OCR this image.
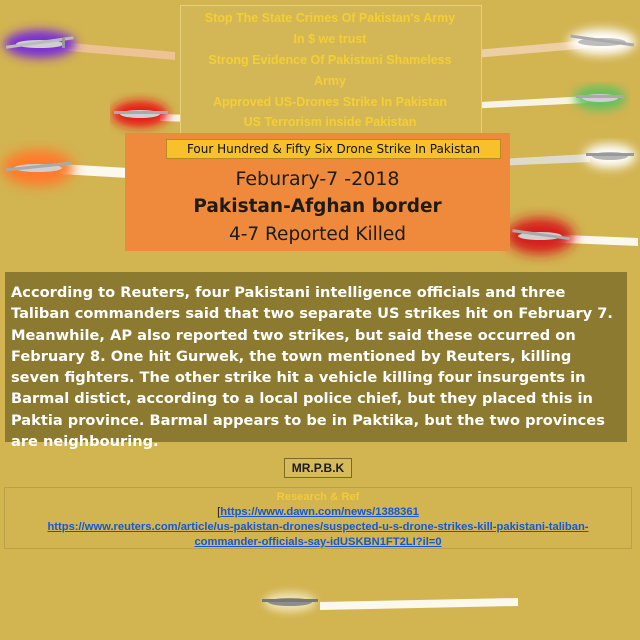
Stop The State Crimes Of Pakistan's Army
In $ we trust
Strong Evidence Of Pakistani Shameless
Army
Approved US-Drones Strike In Pakistan
US Terrorism inside Pakistan
Four Hundred & Fifty Six Drone Strike In Pakistan
Feburary-7 -2018
Pakistan-Afghan border
4-7 Reported Killed
According to Reuters, four Pakistani intelligence officials and three Taliban commanders said that two separate US strikes hit on February 7. Meanwhile, AP also reported two strikes, but said these occurred on February 8. One hit Gurwek, the town mentioned by Reuters, killing seven fighters. The other strike hit a vehicle killing four insurgents in Barmal distict, according to a local police chief, but they placed this in Paktia province. Barmal appears to be in Paktika, but the two provinces are neighbouring.
MR.P.B.K
Research & Ref
[https://www.dawn.com/news/1388361
https://www.reuters.com/article/us-pakistan-drones/suspected-u-s-drone-strikes-kill-pakistani-taliban-
commander-officials-say-idUSKBN1FT2LI?il=0
